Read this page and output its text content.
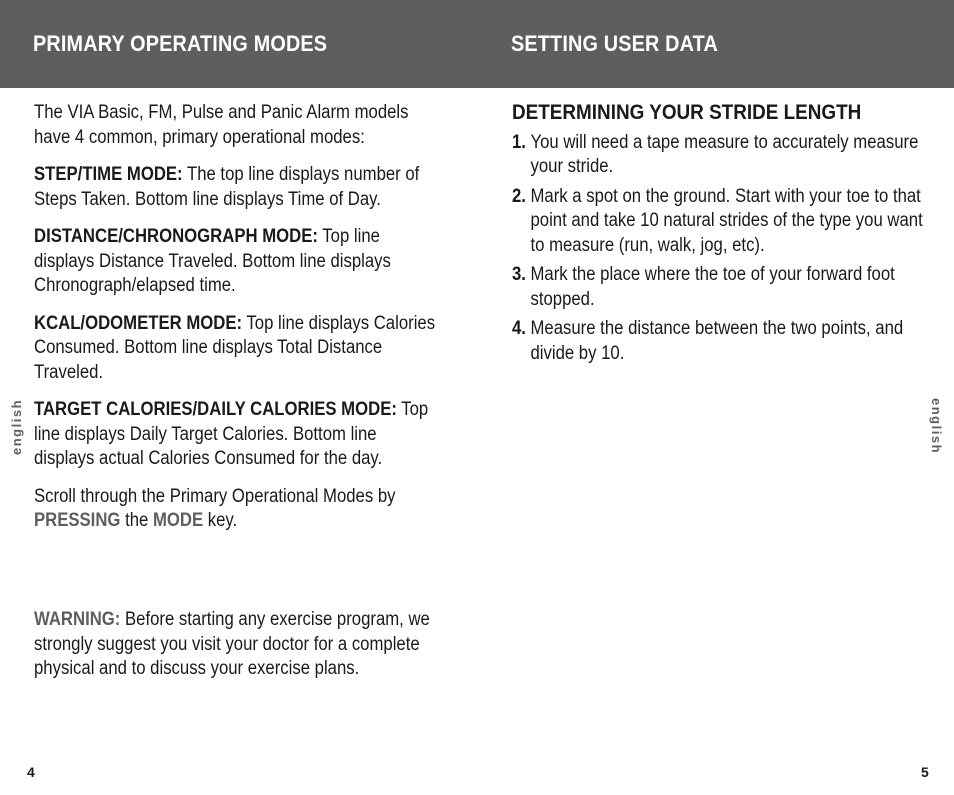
PRIMARY OPERATING MODES	SETTING USER DATA

The VIA Basic, FM, Pulse and Panic Alarm models have 4 common, primary operational modes:

STEP/TIME MODE: The top line displays number of Steps Taken. Bottom line displays Time of Day.

DISTANCE/CHRONOGRAPH MODE: Top line displays Distance Traveled. Bottom line displays Chronograph/elapsed time.

KCAL/ODOMETER MODE: Top line displays Calories Consumed. Bottom line displays Total Distance Traveled.

TARGET CALORIES/DAILY CALORIES MODE: Top line displays Daily Target Calories. Bottom line displays actual Calories Consumed for the day.

Scroll through the Primary Operational Modes by PRESSING the MODE key.

WARNING: Before starting any exercise program, we strongly suggest you visit your doctor for a complete physical and to discuss your exercise plans.

DETERMINING YOUR STRIDE LENGTH
1. You will need a tape measure to accurately measure your stride.
2. Mark a spot on the ground. Start with your toe to that point and take 10 natural strides of the type you want to measure (run, walk, jog, etc).
3. Mark the place where the toe of your forward foot stopped.
4. Measure the distance between the two points, and divide by 10.
english	english
4	5
